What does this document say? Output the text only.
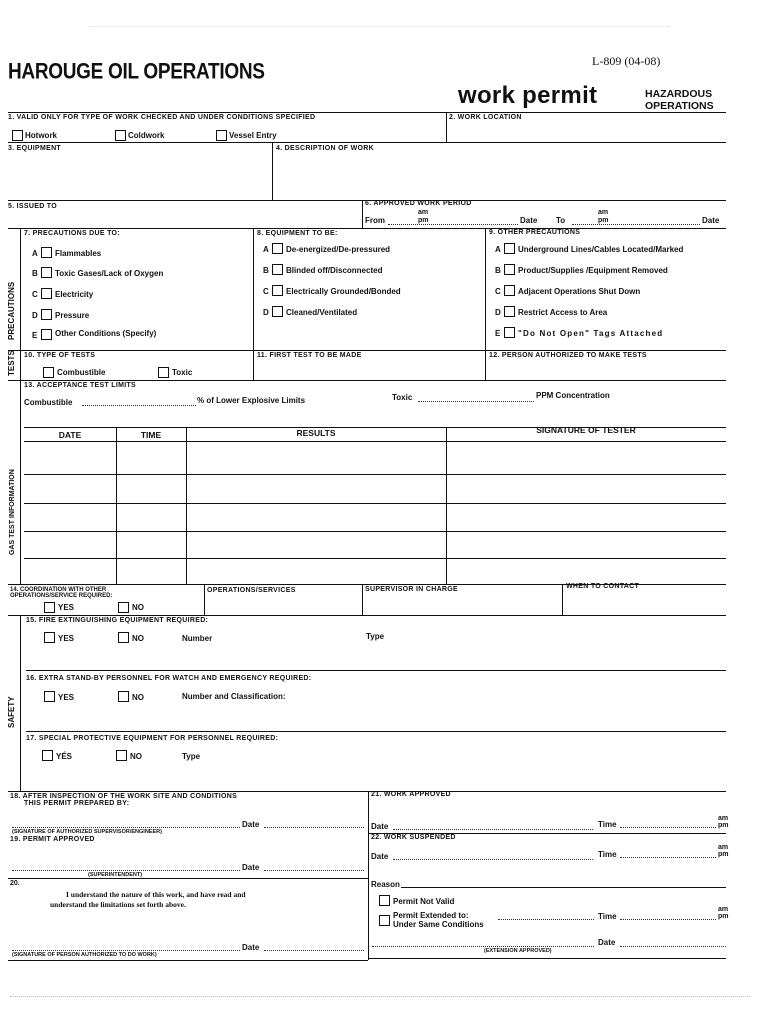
L-809 (04-08)
HAROUGE OIL OPERATIONS
work permit	HAZARDOUS
OPERATIONS
1. VALID ONLY FOR TYPE OF WORK CHECKED AND UNDER CONDITIONS SPECIFIED
Hotwork	Coldwork	Vessel Entry
2. WORK LOCATION
3. EQUIPMENT	4. DESCRIPTION OF WORK
5. ISSUED TO	6. APPROVED WORK PERIOD
From
am
pm	Date To
am
pm	Date
PRECAUTIONS
TESTS
GAS TEST INFORMATION
SAFETY
7. PRECAUTIONS DUE TO:
A Flammables
B Toxic Gases/Lack of Oxygen
C Electricity
D Pressure
E Other Conditions (Specify)
8. EQUIPMENT TO BE:
A De-energized/De-pressured
B Blinded off/Disconnected
C Electrically Grounded/Bonded
D Cleaned/Ventilated
9. OTHER PRECAUTIONS
A Underground Lines/Cables Located/Marked
B Product/Supplies /Equipment Removed
C Adjacent Operations Shut Down
D Restrict Access to Area
E "Do Not Open" Tags Attached
10. TYPE OF TESTS
Combustible	Toxic
11. FIRST TEST TO BE MADE	12. PERSON AUTHORIZED TO MAKE TESTS
13. ACCEPTANCE TEST LIMITS
Combustible	% of Lower Explosive Limits	Toxic	PPM Concentration
DATE	TIME	RESULTS	SIGNATURE OF TESTER
14. COORDINATION WITH OTHER OPERATIONS/SERVICE REQUIRED:
YES	NO
OPERATIONS/SERVICES	SUPERVISOR IN CHARGE	WHEN TO CONTACT
15. FIRE EXTINGUISHING EQUIPMENT REQUIRED:
YES	NO	Number	Type
16. EXTRA STAND-BY PERSONNEL FOR WATCH AND EMERGENCY REQUIRED:
YES	NO	Number and Classification:
17. SPECIAL PROTECTIVE EQUIPMENT FOR PERSONNEL REQUIRED:
YÉS	NO	Type
18. AFTER INSPECTION OF THE WORK SITE AND CONDITIONS
THIS PERMIT PREPARED BY:
Date
(SIGNATURE OF AUTHORIZED SUPERVISOR/ENGINEER)
19. PERMIT APPROVED
Date
(SUPERINTENDENT)
20.
I understand the nature of this work, and have read and
understand the limitations set forth above.
Date
(SIGNATURE OF PERSON AUTHORIZED TO DO WORK)
21. WORK APPROVED
Date	Time
am pm
22. WORK SUSPENDED
Date	Time
am pm
Reason
Permit Not Valid
Permit Extended to:
Under Same Conditions
Time
am pm
Date
(EXTENSION APPROVED)
